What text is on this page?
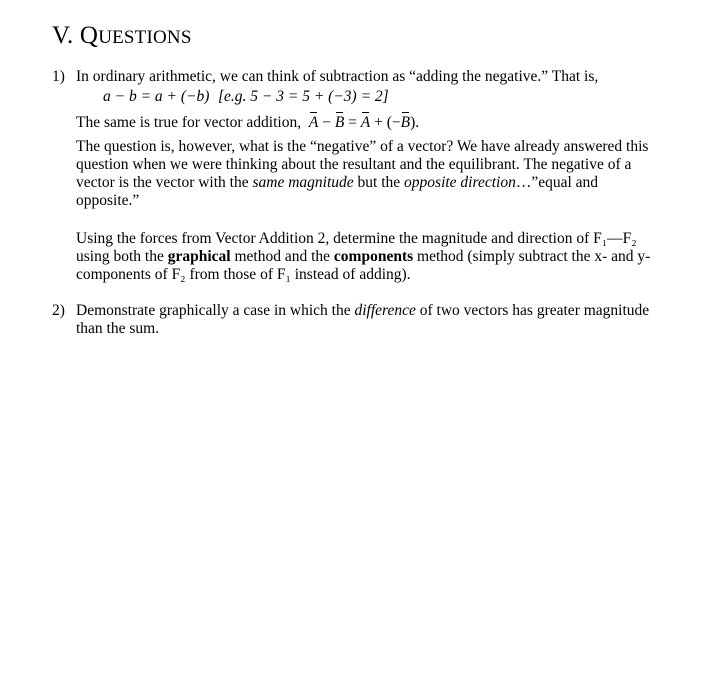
V. QUESTIONS
1) In ordinary arithmetic, we can think of subtraction as “adding the negative.” That is,
a − b = a + (−b) [e.g. 5 − 3 = 5 + (−3) = 2]
The same is true for vector addition, A − B = A + (−B).
The question is, however, what is the “negative” of a vector? We have already answered this
question when we were thinking about the resultant and the equilibrant. The negative of a
vector is the vector with the same magnitude but the opposite direction…”equal and
opposite.”
Using the forces from Vector Addition 2, determine the magnitude and direction of F₁—F₂
using both the graphical method and the components method (simply subtract the x- and y-
components of F₂ from those of F₁ instead of adding).
2) Demonstrate graphically a case in which the difference of two vectors has greater magnitude
than the sum.
